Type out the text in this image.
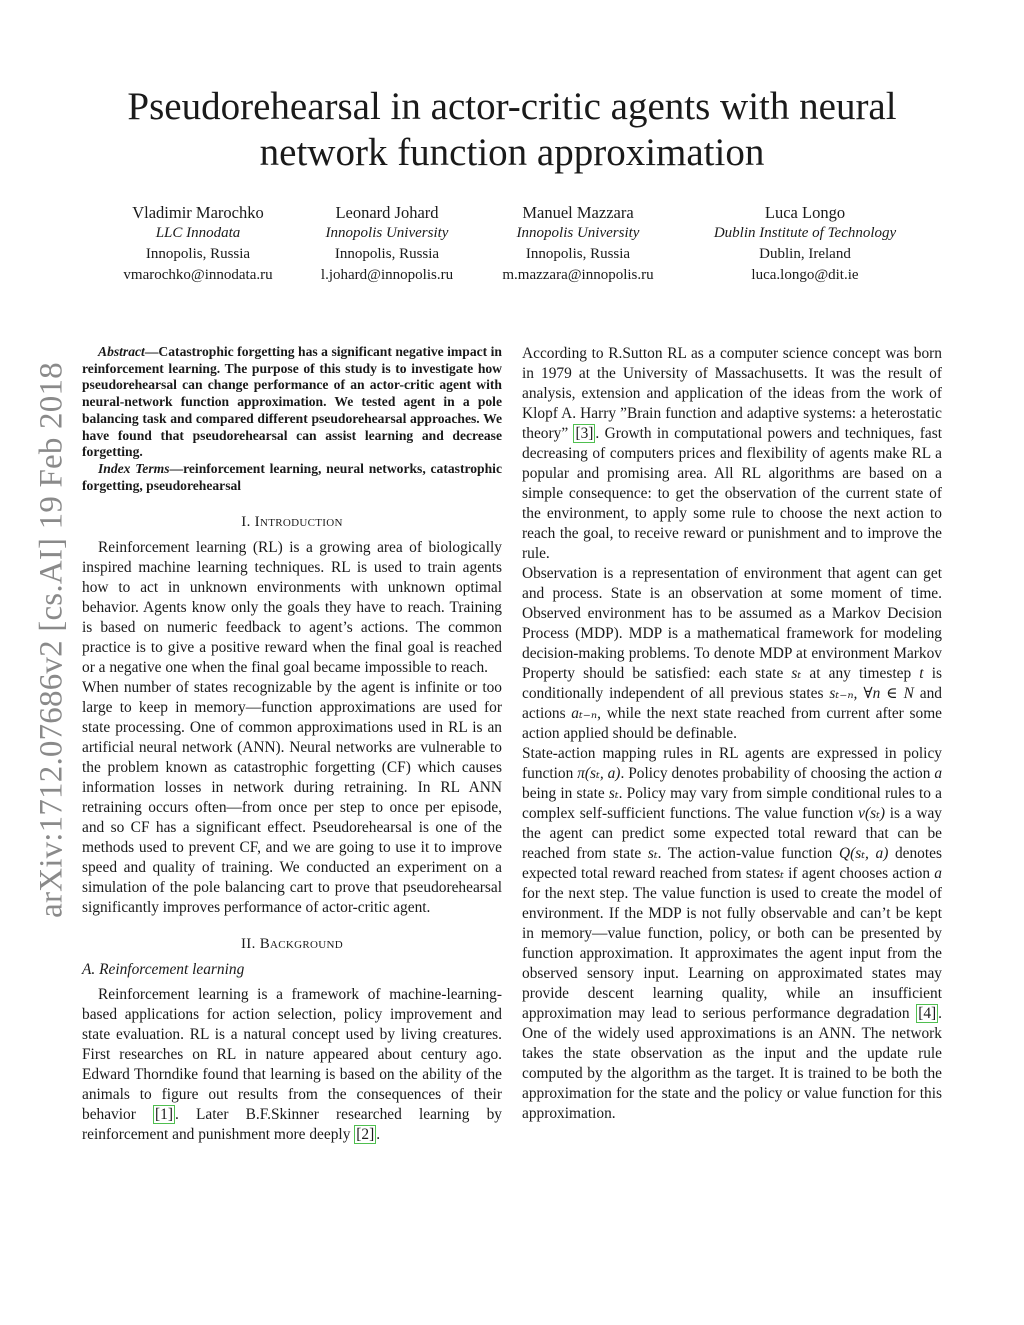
Pseudorehearsal in actor-critic agents with neural
network function approximation
Vladimir Marochko
LLC Innodata
Innopolis, Russia
vmarochko@innodata.ru
Leonard Johard
Innopolis University
Innopolis, Russia
l.johard@innopolis.ru
Manuel Mazzara
Innopolis University
Innopolis, Russia
m.mazzara@innopolis.ru
Luca Longo
Dublin Institute of Technology
Dublin, Ireland
luca.longo@dit.ie
arXiv:1712.07686v2 [cs.AI] 19 Feb 2018

Abstract—Catastrophic forgetting has a significant negative impact in reinforcement learning. The purpose of this study is to investigate how pseudorehearsal can change performance of an actor-critic agent with neural-network function approximation. We tested agent in a pole balancing task and compared different pseudorehearsal approaches. We have found that pseudorehearsal can assist learning and decrease forgetting.

Index Terms—reinforcement learning, neural networks, catastrophic forgetting, pseudorehearsal

I. Introduction

Reinforcement learning (RL) is a growing area of biologically inspired machine learning techniques. RL is used to train agents how to act in unknown environments with unknown optimal behavior. Agents know only the goals they have to reach. Training is based on numeric feedback to agent’s actions. The common practice is to give a positive reward when the final goal is reached or a negative one when the final goal became impossible to reach.

When number of states recognizable by the agent is infinite or too large to keep in memory—function approximations are used for state processing. One of common approximations used in RL is an artificial neural network (ANN). Neural networks are vulnerable to the problem known as catastrophic forgetting (CF) which causes information losses in network during retraining. In RL ANN retraining occurs often—from once per step to once per episode, and so CF has a significant effect. Pseudorehearsal is one of the methods used to prevent CF, and we are going to use it to improve speed and quality of training. We conducted an experiment on a simulation of the pole balancing cart to prove that pseudorehearsal significantly improves performance of actor-critic agent.

II. Background
A. Reinforcement learning

Reinforcement learning is a framework of machine-learning-based applications for action selection, policy improvement and state evaluation. RL is a natural concept used by living creatures. First researches on RL in nature appeared about century ago. Edward Thorndike found that learning is based on the ability of the animals to figure out results from the consequences of their behavior [1] . Later B.F.Skinner researched learning by reinforcement and punishment more deeply [2] .

According to R.Sutton RL as a computer science concept was born in 1979 at the University of Massachusetts. It was the result of analysis, extension and application of the ideas from the work of Klopf A. Harry ”Brain function and adaptive systems: a heterostatic theory” [3] . Growth in computational powers and techniques, fast decreasing of computers prices and flexibility of agents make RL a popular and promising area. All RL algorithms are based on a simple consequence: to get the observation of the current state of the environment, to apply some rule to choose the next action to reach the goal, to receive reward or punishment and to improve the rule.

Observation is a representation of environment that agent can get and process. State is an observation at some moment of time. Observed environment has to be assumed as a Markov Decision Process (MDP). MDP is a mathematical framework for modeling decision-making problems. To denote MDP at environment Markov Property should be satisfied: each state sₜ at any timestep t is conditionally independent of all previous states sₜ₋ₙ, ∀n ∈ N and actions aₜ₋ₙ, while the next state reached from current after some action applied should be definable.

State-action mapping rules in RL agents are expressed in policy function π(sₜ, a). Policy denotes probability of choosing the action a being in state sₜ. Policy may vary from simple conditional rules to a complex self-sufficient functions. The value function v(sₜ) is a way the agent can predict some expected total reward that can be reached from state sₜ. The action-value function Q(sₜ, a) denotes expected total reward reached from statesₜ if agent chooses action a for the next step. The value function is used to create the model of environment. If the MDP is not fully observable and can’t be kept in memory—value function, policy, or both can be presented by function approximation. It approximates the agent input from the observed sensory input. Learning on approximated states may provide descent learning quality, while an insufficient approximation may lead to serious performance degradation [4] . One of the widely used approximations is an ANN. The network takes the state observation as the input and the update rule computed by the algorithm as the target. It is trained to be both the approximation for the state and the policy or value function for this approximation.
